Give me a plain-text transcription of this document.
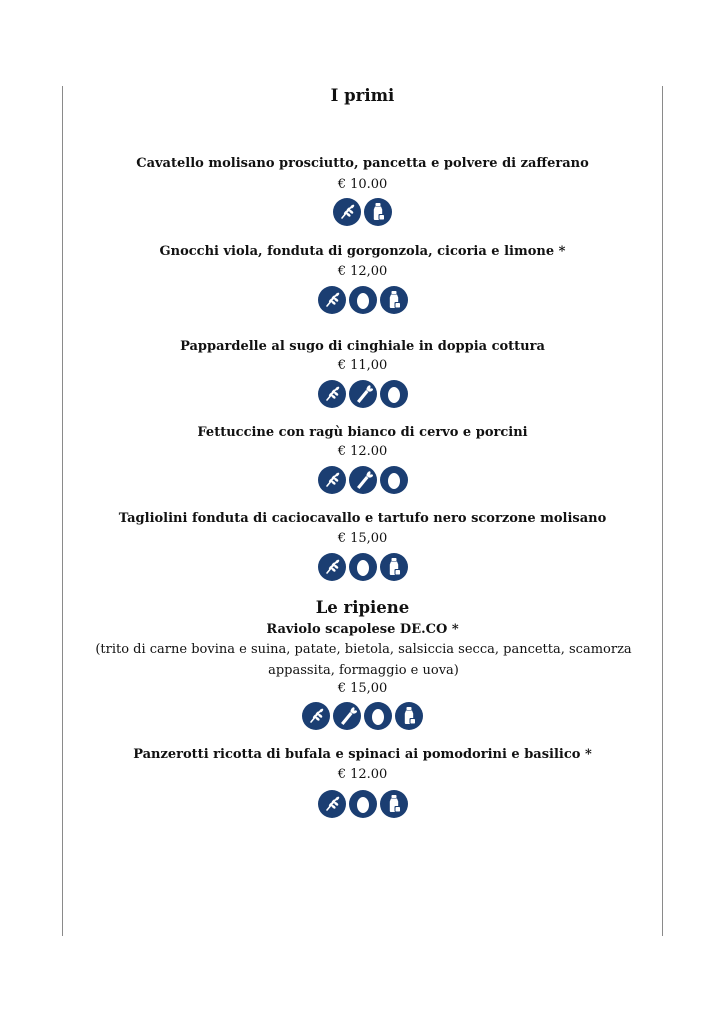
I primi
Cavatello molisano prosciutto, pancetta e polvere di zafferano
€ 10.00
Gnocchi viola, fonduta di gorgonzola, cicoria e limone *
€ 12,00
Pappardelle al sugo di cinghiale in doppia cottura
€ 11,00
Fettuccine con ragù bianco di cervo e porcini
€ 12.00
Tagliolini fonduta di caciocavallo e tartufo nero scorzone molisano
€ 15,00
Le ripiene
Raviolo scapolese DE.CO *
(trito di carne bovina e suina, patate, bietola, salsiccia secca, pancetta, scamorza appassita, formaggio e uova)
€ 15,00
Panzerotti ricotta di bufala e spinaci ai pomodorini e basilico *
€ 12.00
